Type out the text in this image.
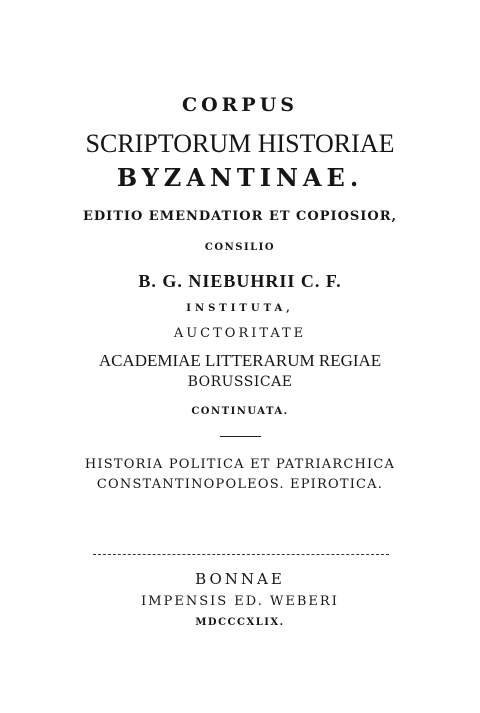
CORPUS
SCRIPTORUM HISTORIAE
BYZANTINAE.
EDITIO EMENDATIOR ET COPIOSIOR,
CONSILIO
B. G. NIEBUHRII C. F.
INSTITUTA,
AUCTORITATE
ACADEMIAE LITTERARUM REGIAE
BORUSSICAE
CONTINUATA.
HISTORIA POLITICA ET PATRIARCHICA
CONSTANTINOPOLEOS. EPIROTICA.
BONNAE
IMPENSIS ED. WEBERI
MDCCCXLIX.
